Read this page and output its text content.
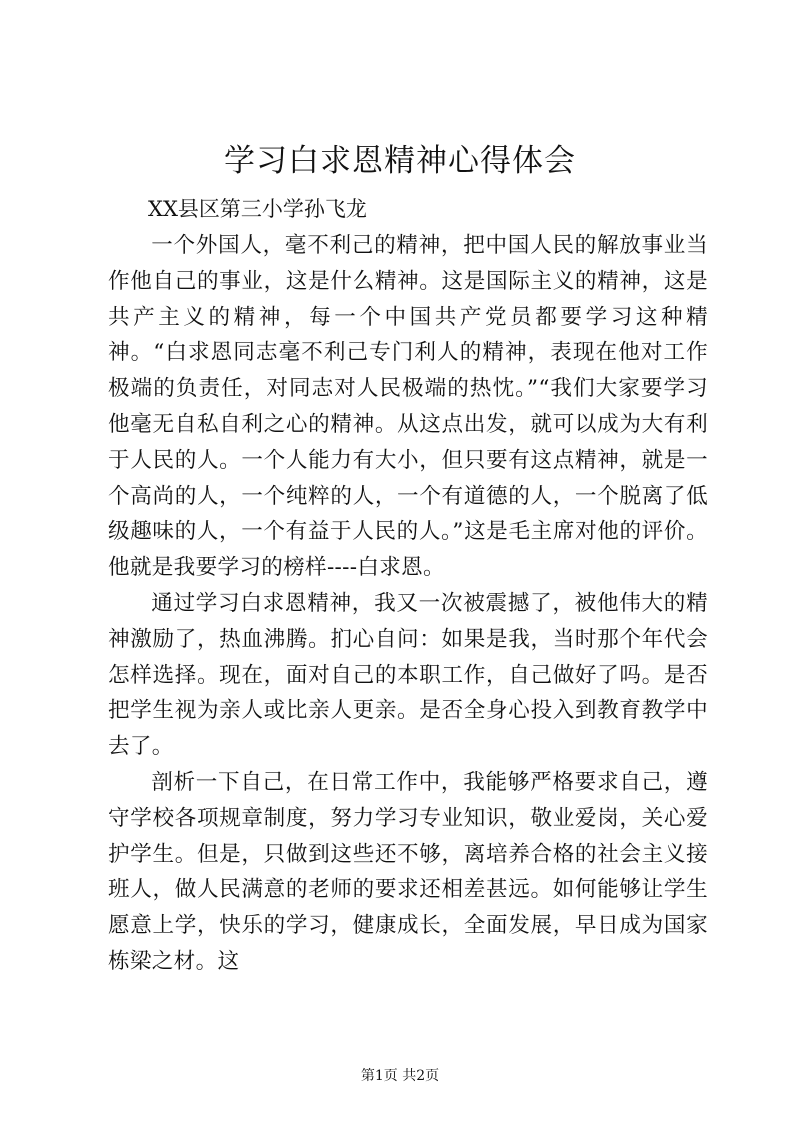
学习白求恩精神心得体会
XX县区第三小学孙飞龙

一个外国人，毫不利己的精神，把中国人民的解放事业当作他自己的事业，这是什么精神。这是国际主义的精神，这是共产主义的精神，每一个中国共产党员都要学习这种精神。“白求恩同志毫不利己专门利人的精神，表现在他对工作极端的负责任，对同志对人民极端的热忱。”“我们大家要学习他毫无自私自利之心的精神。从这点出发，就可以成为大有利于人民的人。一个人能力有大小，但只要有这点精神，就是一个高尚的人，一个纯粹的人，一个有道德的人，一个脱离了低级趣味的人，一个有益于人民的人。”这是毛主席对他的评价。他就是我要学习的榜样----白求恩。

通过学习白求恩精神，我又一次被震撼了，被他伟大的精神激励了，热血沸腾。扪心自问：如果是我，当时那个年代会怎样选择。现在，面对自己的本职工作，自己做好了吗。是否把学生视为亲人或比亲人更亲。是否全身心投入到教育教学中去了。

剖析一下自己，在日常工作中，我能够严格要求自己，遵守学校各项规章制度，努力学习专业知识，敬业爱岗，关心爱护学生。但是，只做到这些还不够，离培养合格的社会主义接班人，做人民满意的老师的要求还相差甚远。如何能够让学生愿意上学，快乐的学习，健康成长，全面发展，早日成为国家栋梁之材。这

第1页 共2页
